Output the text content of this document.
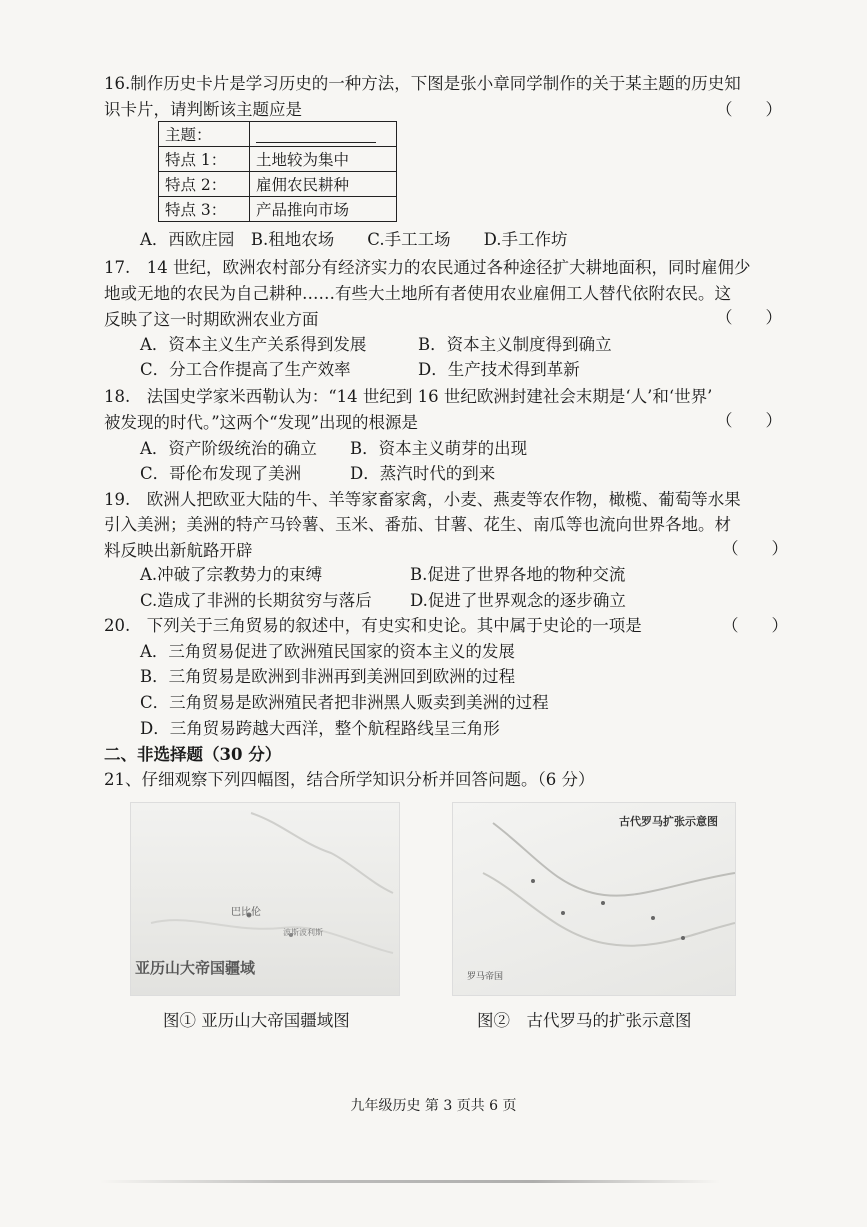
16.制作历史卡片是学习历史的一种方法，下图是张小章同学制作的关于某主题的历史知
识卡片，请判断该主题应是	（　　）
主题：	
特点 1：	土地较为集中
特点 2：	雇佣农民耕种
特点 3：	产品推向市场
A．西欧庄园　B.租地农场　　C.手工工场　　D.手工作坊
17.　14 世纪，欧洲农村部分有经济实力的农民通过各种途径扩大耕地面积，同时雇佣少
地或无地的农民为自己耕种……有些大土地所有者使用农业雇佣工人替代依附农民。这
反映了这一时期欧洲农业方面	（　　）
A．资本主义生产关系得到发展	B．资本主义制度得到确立
C．分工合作提高了生产效率	D．生产技术得到革新
18.　法国史学家米西勒认为：“14 世纪到 16 世纪欧洲封建社会末期是‘人’和‘世界’
被发现的时代。”这两个“发现”出现的根源是	（　　）
A．资产阶级统治的确立 B．资本主义萌芽的出现
C．哥伦布发现了美洲	D．蒸汽时代的到来
19.　欧洲人把欧亚大陆的牛、羊等家畜家禽，小麦、燕麦等农作物，橄榄、葡萄等水果
引入美洲；美洲的特产马铃薯、玉米、番茄、甘薯、花生、南瓜等也流向世界各地。材
料反映出新航路开辟	（　　）
A.冲破了宗教势力的束缚	B.促进了世界各地的物种交流
C.造成了非洲的长期贫穷与落后 D.促进了世界观念的逐步确立
20.　下列关于三角贸易的叙述中，有史实和史论。其中属于史论的一项是	（　　）
A．三角贸易促进了欧洲殖民国家的资本主义的发展
B．三角贸易是欧洲到非洲再到美洲回到欧洲的过程
C．三角贸易是欧洲殖民者把非洲黑人贩卖到美洲的过程
D．三角贸易跨越大西洋，整个航程路线呈三角形
二、非选择题（30 分）
21、仔细观察下列四幅图，结合所学知识分析并回答问题。（6 分）
巴比伦
波斯波利斯
亚历山大帝国疆域
古代罗马扩张示意图
罗马帝国
图① 亚历山大帝国疆域图	图②　古代罗马的扩张示意图
九年级历史 第 3 页共 6 页
